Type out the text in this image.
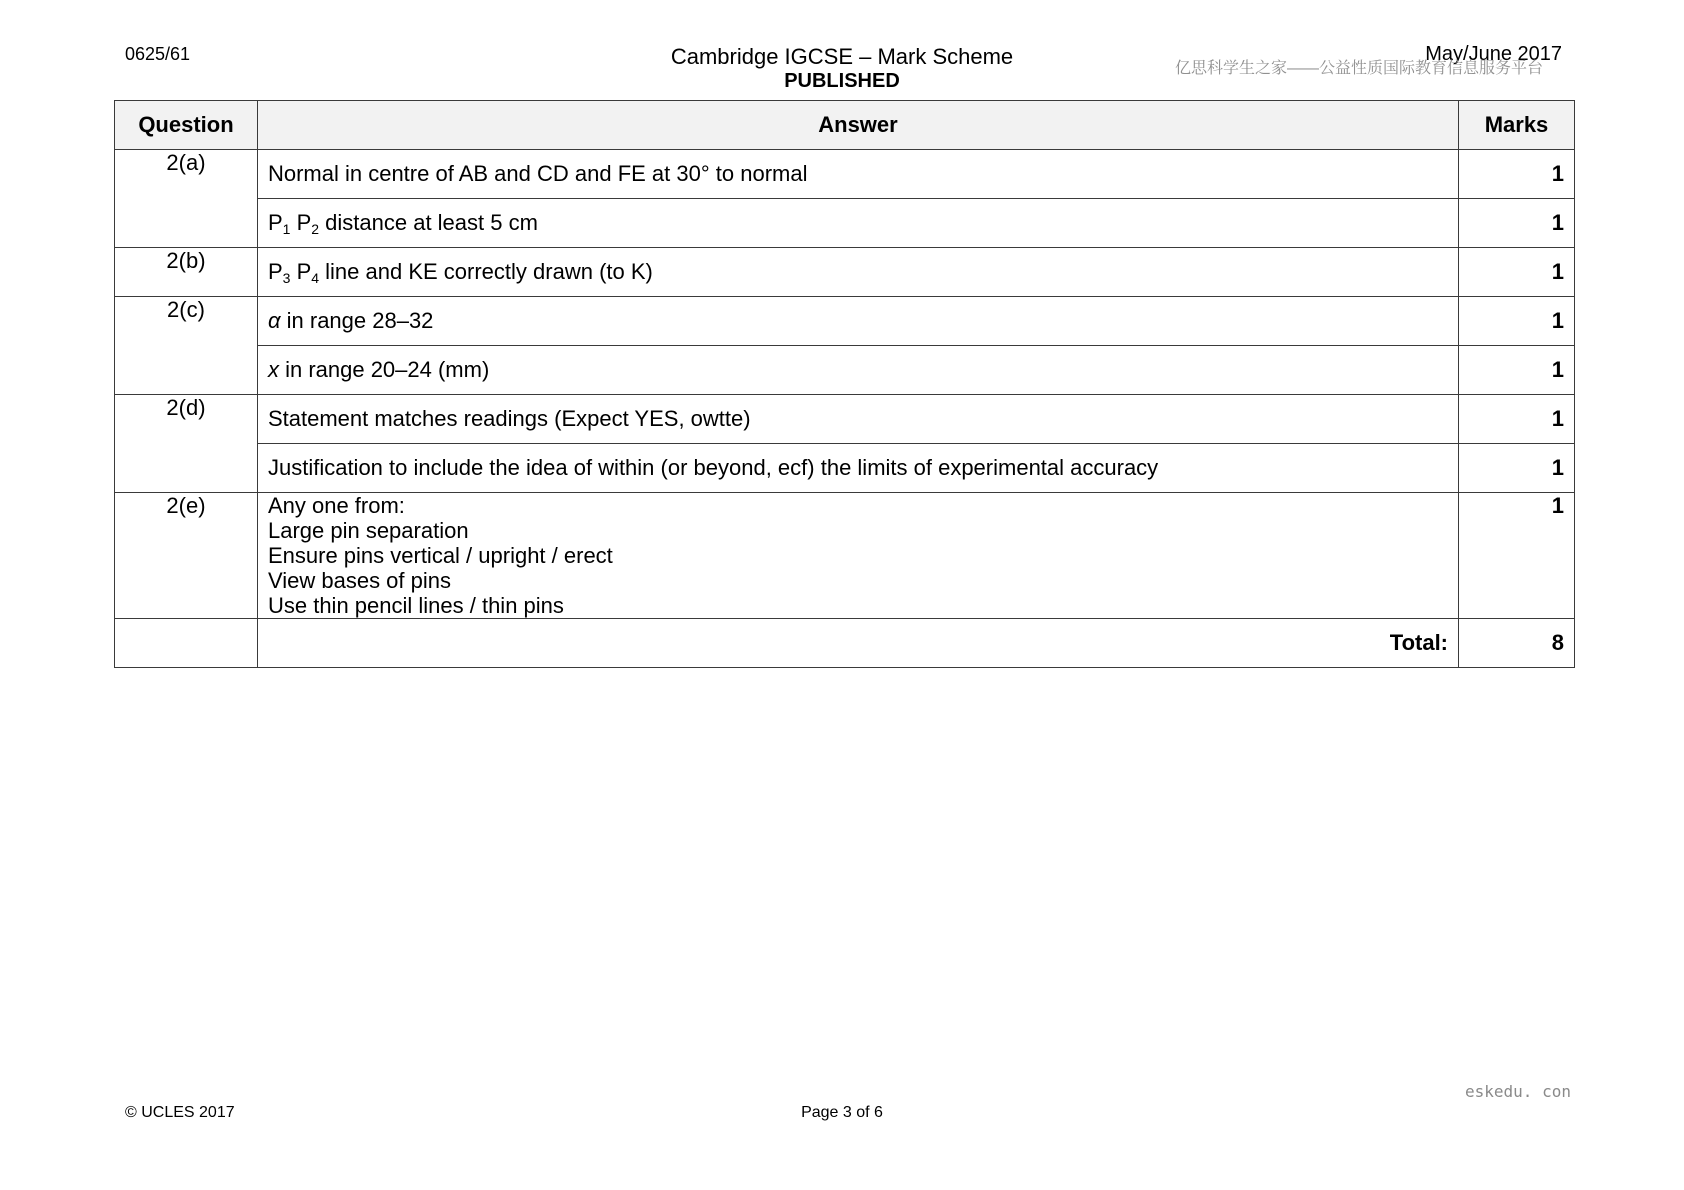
0625/61	Cambridge IGCSE – Mark Scheme
PUBLISHED
May/June 2017
亿思科学生之家——公益性质国际教育信息服务平台
Question	Answer	Marks
2(a)	Normal in centre of AB and CD and FE at 30° to normal	1
	$P_1$ $P_2$ distance at least 5 cm	1
2(b)	$P_3$ $P_4$ line and KE correctly drawn (to K)	1
2(c)	α in range 28–32	1
	x in range 20–24 (mm)	1
2(d)	Statement matches readings (Expect YES, owtte)	1
	Justification to include the idea of within (or beyond, ecf) the limits of experimental accuracy	1
2(e)	Any one from:
Large pin separation
Ensure pins vertical / upright / erect
View bases of pins
Use thin pencil lines / thin pins	1
	Total:	8
eskedu. con
© UCLES 2017	Page 3 of 6
